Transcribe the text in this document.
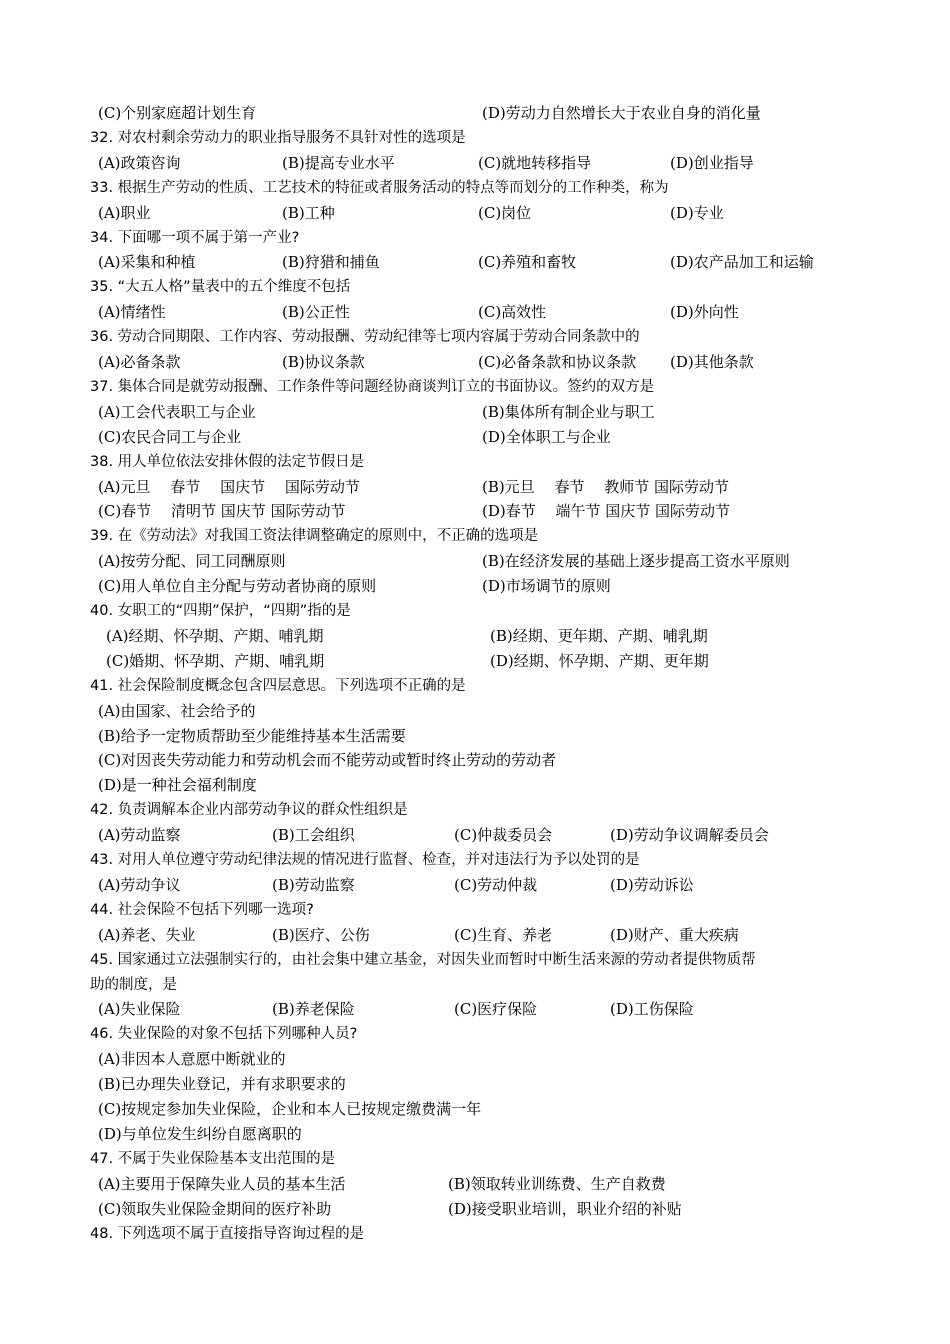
(C)个别家庭超计划生育	(D)劳动力自然增长大于农业自身的消化量
32. 对农村剩余劳动力的职业指导服务不具针对性的选项是
(A)政策咨询	(B)提高专业水平	(C)就地转移指导	(D)创业指导
33. 根据生产劳动的性质、工艺技术的特征或者服务活动的特点等而划分的工作种类，称为
(A)职业	(B)工种	(C)岗位	(D)专业
34. 下面哪一项不属于第一产业?
(A)采集和种植	(B)狩猎和捕鱼	(C)养殖和畜牧	(D)农产品加工和运输
35. “大五人格”量表中的五个维度不包括
(A)情绪性	(B)公正性	(C)高效性	(D)外向性
36. 劳动合同期限、工作内容、劳动报酬、劳动纪律等七项内容属于劳动合同条款中的
(A)必备条款	(B)协议条款	(C)必备条款和协议条款 (D)其他条款
37. 集体合同是就劳动报酬、工作条件等问题经协商谈判订立的书面协议。签约的双方是
(A)工会代表职工与企业	(B)集体所有制企业与职工
(C)农民合同工与企业	(D)全体职工与企业
38. 用人单位依法安排休假的法定节假日是
(A)元旦　 春节　 国庆节　 国际劳动节	(B)元旦　 春节　 教师节 国际劳动节
(C)春节　 清明节 国庆节 国际劳动节	(D)春节　 端午节 国庆节 国际劳动节
39. 在《劳动法》对我国工资法律调整确定的原则中，不正确的选项是
(A)按劳分配、同工同酬原则	(B)在经济发展的基础上逐步提高工资水平原则
(C)用人单位自主分配与劳动者协商的原则	(D)市场调节的原则
40. 女职工的“四期”保护，“四期”指的是
(A)经期、怀孕期、产期、哺乳期	(B)经期、更年期、产期、哺乳期
(C)婚期、怀孕期、产期、哺乳期	(D)经期、怀孕期、产期、更年期
41. 社会保险制度概念包含四层意思。下列选项不正确的是
(A)由国家、社会给予的
(B)给予一定物质帮助至少能维持基本生活需要
(C)对因丧失劳动能力和劳动机会而不能劳动或暂时终止劳动的劳动者
(D)是一种社会福利制度
42. 负责调解本企业内部劳动争议的群众性组织是
(A)劳动监察	(B)工会组织	(C)仲裁委员会	(D)劳动争议调解委员会
43. 对用人单位遵守劳动纪律法规的情况进行监督、检查，并对违法行为予以处罚的是
(A)劳动争议	(B)劳动监察	(C)劳动仲裁	(D)劳动诉讼
44. 社会保险不包括下列哪一选项?
(A)养老、失业	(B)医疗、公伤	(C)生育、养老	(D)财产、重大疾病
45. 国家通过立法强制实行的，由社会集中建立基金，对因失业而暂时中断生活来源的劳动者提供物质帮
助的制度，是
(A)失业保险	(B)养老保险	(C)医疗保险	(D)工伤保险
46. 失业保险的对象不包括下列哪种人员?
(A)非因本人意愿中断就业的
(B)已办理失业登记，并有求职要求的
(C)按规定参加失业保险，企业和本人已按规定缴费满一年
(D)与单位发生纠纷自愿离职的
47. 不属于失业保险基本支出范围的是
(A)主要用于保障失业人员的基本生活	(B)领取转业训练费、生产自救费
(C)领取失业保险金期间的医疗补助	(D)接受职业培训，职业介绍的补贴
48. 下列选项不属于直接指导咨询过程的是
